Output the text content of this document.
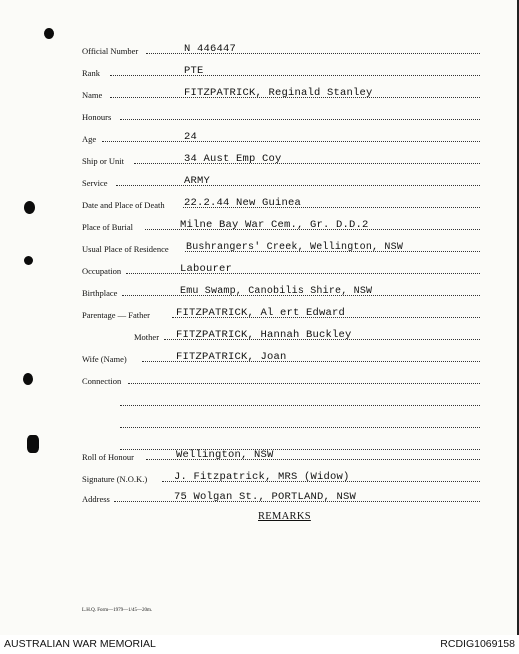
Official Number	N 446447
Rank	PTE
Name	FITZPATRICK, Reginald Stanley
Honours
Age	24
Ship or Unit	34 Aust Emp Coy
Service	ARMY
Date and Place of Death 22.2.44 New Guinea
Place of Burial	Milne Bay War Cem., Gr. D.D.2
Usual Place of Residence Bushrangers' Creek, Wellington, NSW
Occupation	Labourer
Birthplace	Emu Swamp, Canobilis Shire, NSW
Parentage — Father FITZPATRICK, Al ert Edward
Mother FITZPATRICK, Hannah Buckley
Wife (Name)	FITZPATRICK, Joan
Connection
Roll of Honour	Wellington, NSW
Signature (N.O.K.)	J. Fitzpatrick, MRS (Widow)
Address	75 Wolgan St., PORTLAND, NSW
REMARKS
L.H.Q. Form—1979—1/45—20m.
AUSTRALIAN WAR MEMORIAL	RCDIG1069158
